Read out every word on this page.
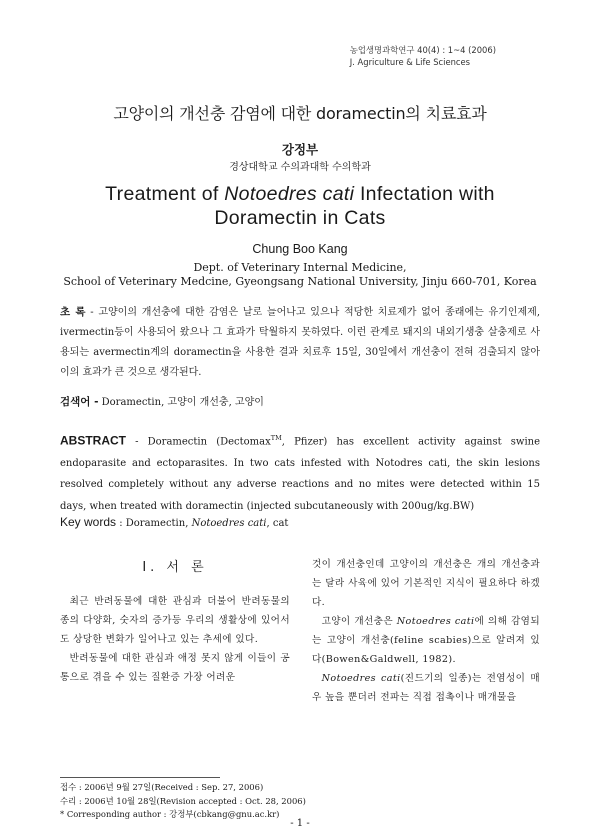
농업생명과학연구 40(4) : 1~4 (2006)
J. Agriculture & Life Sciences
고양이의 개선충 감염에 대한 doramectin의 치료효과
강정부
경상대학교 수의과대학 수의학과
Treatment of Notoedres cati Infectation with Doramectin in Cats
Chung Boo Kang
Dept. of Veterinary Internal Medicine,
School of Veterinary Medcine, Gyeongsang National University, Jinju 660-701, Korea
초 록 - 고양이의 개선충에 대한 감염은 날로 늘어나고 있으나 적당한 치료제가 없어 종래에는 유기인제제, ivermectin등이 사용되어 왔으나 그 효과가 탁월하지 못하였다. 이런 관계로 돼지의 내외기생충 살충제로 사용되는 avermectin계의 doramectin을 사용한 결과 치료후 15일, 30일에서 개선충이 전혀 검출되지 않아 이의 효과가 큰 것으로 생각된다.
검색어 - Doramectin, 고양이 개선충, 고양이
ABSTRACT - Doramectin (Dectomax™, Pfizer) has excellent activity against swine endoparasite and ectoparasites. In two cats infested with Notodres cati, the skin lesions resolved completely without any adverse reactions and no mites were detected within 15 days, when treated with doramectin (injected subcutaneously with 200ug/kg.BW)
Key words : Doramectin, Notoedres cati, cat
I. 서 론

최근 반려동물에 대한 관심과 더불어 반려동물의 종의 다양화, 숫자의 증가등 우리의 생활상에 있어서도 상당한 변화가 일어나고 있는 추세에 있다.

반려동물에 대한 관심과 애정 못지 않게 이들이 공통으로 겪을 수 있는 질환증 가장 어려운

것이 개선충인데 고양이의 개선충은 개의 개선충과는 달라 사육에 있어 기본적인 지식이 필요하다 하겠다.

고양이 개선충은 Notoedres cati에 의해 감염되는 고양이 개선충(feline scabies)으로 알려져 있다(Bowen&Galdwell, 1982).

Notoedres cati(진드기의 일종)는 전염성이 매우 높을 뿐더러 전파는 직접 접촉이나 매개물을

접수 : 2006년 9월 27일(Received : Sep. 27, 2006)
수리 : 2006년 10월 28일(Revision accepted : Oct. 28, 2006)
* Corresponding author : 강정부(cbkang@gnu.ac.kr)
- 1 -
